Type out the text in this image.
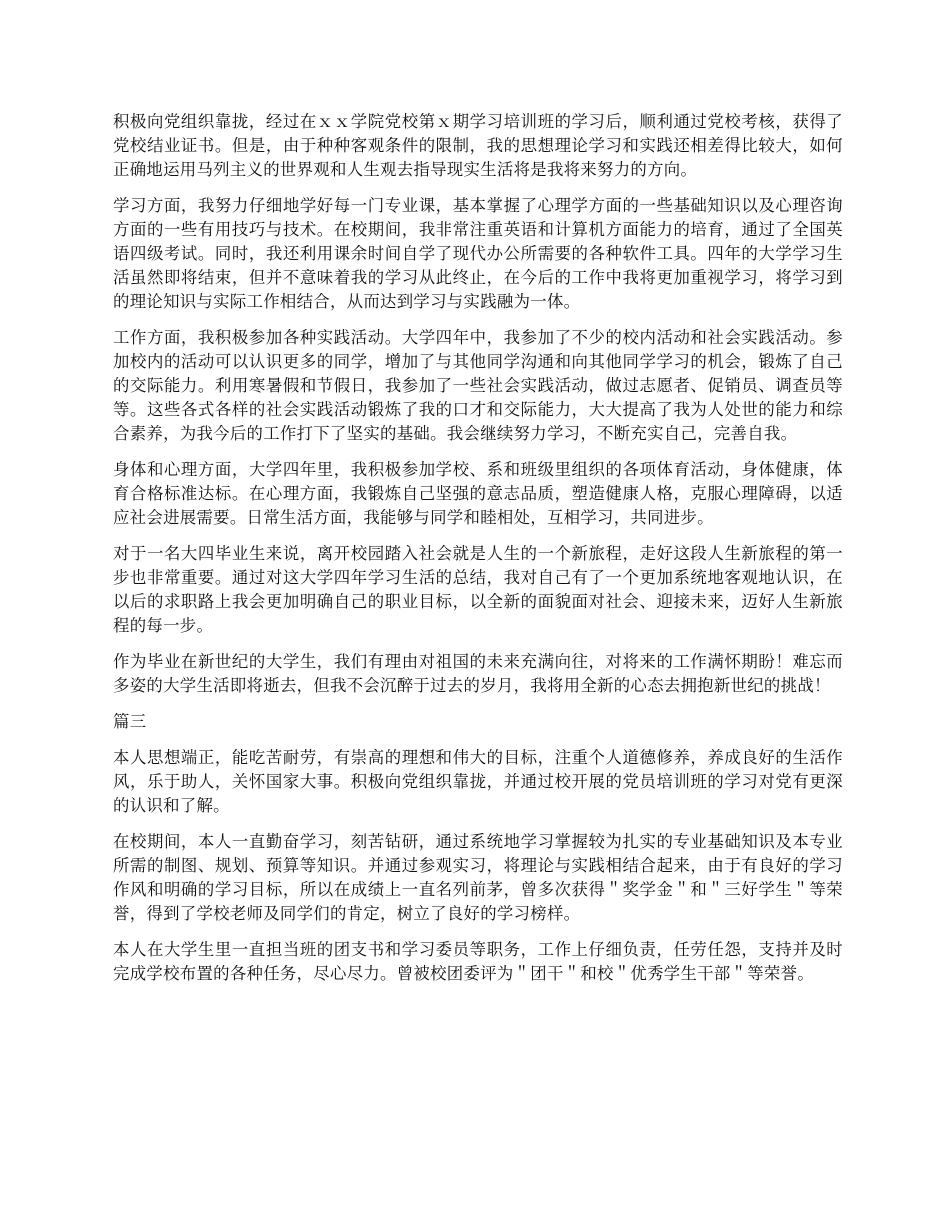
积极向党组织靠拢，经过在ｘｘ学院党校第ｘ期学习培训班的学习后，顺利通过党校考核，获得了党校结业证书。但是，由于种种客观条件的限制，我的思想理论学习和实践还相差得比较大，如何正确地运用马列主义的世界观和人生观去指导现实生活将是我将来努力的方向。

学习方面，我努力仔细地学好每一门专业课，基本掌握了心理学方面的一些基础知识以及心理咨询方面的一些有用技巧与技术。在校期间，我非常注重英语和计算机方面能力的培育，通过了全国英语四级考试。同时，我还利用课余时间自学了现代办公所需要的各种软件工具。四年的大学学习生活虽然即将结束，但并不意味着我的学习从此终止，在今后的工作中我将更加重视学习，将学习到的理论知识与实际工作相结合，从而达到学习与实践融为一体。

工作方面，我积极参加各种实践活动。大学四年中，我参加了不少的校内活动和社会实践活动。参加校内的活动可以认识更多的同学，增加了与其他同学沟通和向其他同学学习的机会，锻炼了自己的交际能力。利用寒暑假和节假日，我参加了一些社会实践活动，做过志愿者、促销员、调查员等等。这些各式各样的社会实践活动锻炼了我的口才和交际能力，大大提高了我为人处世的能力和综合素养，为我今后的工作打下了坚实的基础。我会继续努力学习，不断充实自己，完善自我。

身体和心理方面，大学四年里，我积极参加学校、系和班级里组织的各项体育活动，身体健康，体育合格标准达标。在心理方面，我锻炼自己坚强的意志品质，塑造健康人格，克服心理障碍，以适应社会进展需要。日常生活方面，我能够与同学和睦相处，互相学习，共同进步。

对于一名大四毕业生来说，离开校园踏入社会就是人生的一个新旅程，走好这段人生新旅程的第一步也非常重要。通过对这大学四年学习生活的总结，我对自己有了一个更加系统地客观地认识，在以后的求职路上我会更加明确自己的职业目标，以全新的面貌面对社会、迎接未来，迈好人生新旅程的每一步。

作为毕业在新世纪的大学生，我们有理由对祖国的未来充满向往，对将来的工作满怀期盼！难忘而多姿的大学生活即将逝去，但我不会沉醉于过去的岁月，我将用全新的心态去拥抱新世纪的挑战！

篇三

本人思想端正，能吃苦耐劳，有崇高的理想和伟大的目标，注重个人道德修养，养成良好的生活作风，乐于助人，关怀国家大事。积极向党组织靠拢，并通过校开展的党员培训班的学习对党有更深的认识和了解。

在校期间，本人一直勤奋学习，刻苦钻研，通过系统地学习掌握较为扎实的专业基础知识及本专业所需的制图、规划、预算等知识。并通过参观实习，将理论与实践相结合起来，由于有良好的学习作风和明确的学习目标，所以在成绩上一直名列前茅，曾多次获得＂奖学金＂和＂三好学生＂等荣誉，得到了学校老师及同学们的肯定，树立了良好的学习榜样。

本人在大学生里一直担当班的团支书和学习委员等职务，工作上仔细负责，任劳任怨，支持并及时完成学校布置的各种任务，尽心尽力。曾被校团委评为＂团干＂和校＂优秀学生干部＂等荣誉。
